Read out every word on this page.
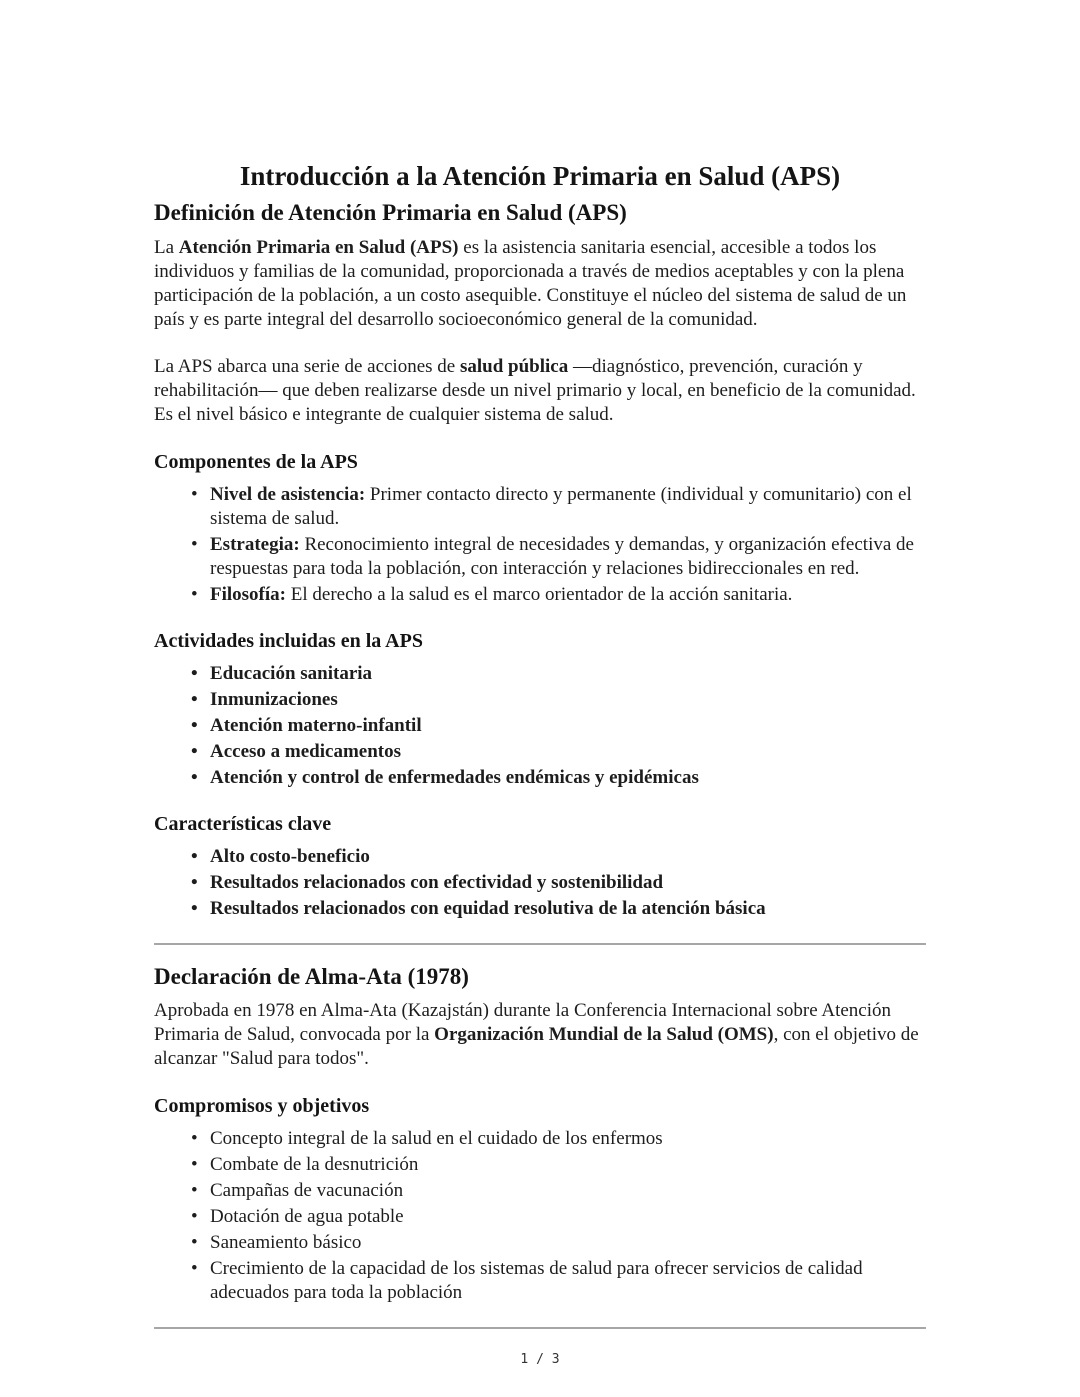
Introducción a la Atención Primaria en Salud (APS)
Definición de Atención Primaria en Salud (APS)

La Atención Primaria en Salud (APS) es la asistencia sanitaria esencial, accesible a todos los individuos y familias de la comunidad, proporcionada a través de medios aceptables y con la plena participación de la población, a un costo asequible. Constituye el núcleo del sistema de salud de un país y es parte integral del desarrollo socioeconómico general de la comunidad.

La APS abarca una serie de acciones de salud pública —diagnóstico, prevención, curación y rehabilitación— que deben realizarse desde un nivel primario y local, en beneficio de la comunidad. Es el nivel básico e integrante de cualquier sistema de salud.

Componentes de la APS
• Nivel de asistencia: Primer contacto directo y permanente (individual y comunitario) con el sistema de salud.
• Estrategia: Reconocimiento integral de necesidades y demandas, y organización efectiva de respuestas para toda la población, con interacción y relaciones bidireccionales en red.
• Filosofía: El derecho a la salud es el marco orientador de la acción sanitaria.
Actividades incluidas en la APS
• Educación sanitaria
• Inmunizaciones
• Atención materno-infantil
• Acceso a medicamentos
• Atención y control de enfermedades endémicas y epidémicas
Características clave
• Alto costo-beneficio
• Resultados relacionados con efectividad y sostenibilidad
• Resultados relacionados con equidad resolutiva de la atención básica
Declaración de Alma-Ata (1978)

Aprobada en 1978 en Alma-Ata (Kazajstán) durante la Conferencia Internacional sobre Atención Primaria de Salud, convocada por la Organización Mundial de la Salud (OMS), con el objetivo de alcanzar "Salud para todos".

Compromisos y objetivos
• Concepto integral de la salud en el cuidado de los enfermos
• Combate de la desnutrición
• Campañas de vacunación
• Dotación de agua potable
• Saneamiento básico
• Crecimiento de la capacidad de los sistemas de salud para ofrecer servicios de calidad adecuados para toda la población
1 / 3
